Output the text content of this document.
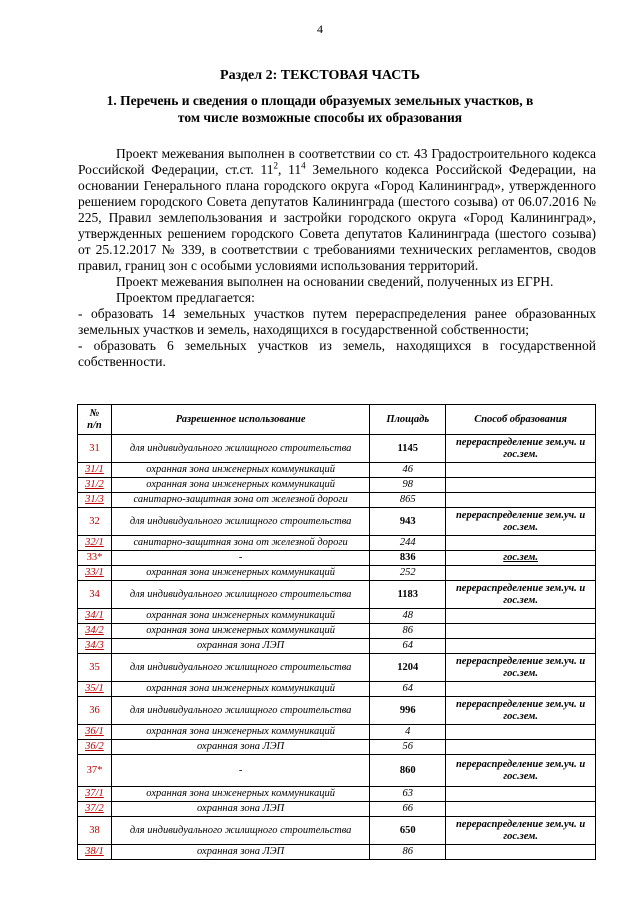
4
Раздел 2: ТЕКСТОВАЯ ЧАСТЬ
1. Перечень и сведения о площади образуемых земельных участков, в
том числе возможные способы их образования

Проект межевания выполнен в соответствии со ст. 43 Градостроительного кодекса Российской Федерации, ст.ст. $11^2$, $11^4$ Земельного кодекса Российской Федерации, на основании Генерального плана городского округа «Город Калининград», утвержденного решением городского Совета депутатов Калининграда (шестого созыва) от 06.07.2016 № 225, Правил землепользования и застройки городского округа «Город Калининград», утвержденных решением городского Совета депутатов Калининграда (шестого созыва) от 25.12.2017 № 339, в соответствии с требованиями технических регламентов, сводов правил, границ зон с особыми условиями использования территорий.

Проект межевания выполнен на основании сведений, полученных из ЕГРН.

Проектом предлагается:

- образовать 14 земельных участков путем перераспределения ранее образованных земельных участков и земель, находящихся в государственной собственности;

- образовать 6 земельных участков из земель, находящихся в государственной собственности.

№
п/п	Разрешенное использование	Площадь	Способ образования
31	для индивидуального жилищного строительства	1145	перераспределение зем.уч. и гос.зем.
31/1	охранная зона инженерных коммуникаций	46	
31/2	охранная зона инженерных коммуникаций	98	
31/3	санитарно-защитная зона от железной дороги	865	
32	для индивидуального жилищного строительства	943	перераспределение зем.уч. и гос.зем.
32/1	санитарно-защитная зона от железной дороги	244	
33*	-	836	гос.зем.
33/1	охранная зона инженерных коммуникаций	252	
34	для индивидуального жилищного строительства	1183	перераспределение зем.уч. и гос.зем.
34/1	охранная зона инженерных коммуникаций	48	
34/2	охранная зона инженерных коммуникаций	86	
34/3	охранная зона ЛЭП	64	
35	для индивидуального жилищного строительства	1204	перераспределение зем.уч. и гос.зем.
35/1	охранная зона инженерных коммуникаций	64	
36	для индивидуального жилищного строительства	996	перераспределение зем.уч. и гос.зем.
36/1	охранная зона инженерных коммуникаций	4	
36/2	охранная зона ЛЭП	56	
37*	-	860	перераспределение зем.уч. и гос.зем.
37/1	охранная зона инженерных коммуникаций	63	
37/2	охранная зона ЛЭП	66	
38	для индивидуального жилищного строительства	650	перераспределение зем.уч. и гос.зем.
38/1	охранная зона ЛЭП	86	
